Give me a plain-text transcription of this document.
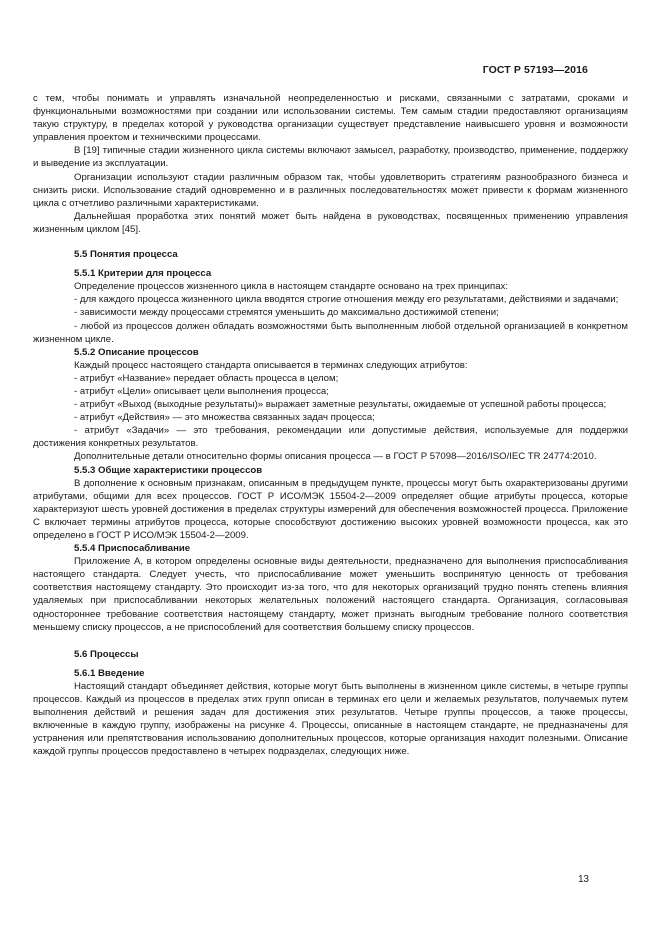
ГОСТ Р 57193—2016

с тем, чтобы понимать и управлять изначальной неопределенностью и рисками, связанными с затратами, сроками и функциональными возможностями при создании или использовании системы. Тем самым стадии предоставляют организациям такую структуру, в пределах которой у руководства организации существует представление наивысшего уровня и возможности управления проектом и техническими процессами.

В [19] типичные стадии жизненного цикла системы включают замысел, разработку, производство, применение, поддержку и выведение из эксплуатации.

Организации используют стадии различным образом так, чтобы удовлетворить стратегиям разнообразного бизнеса и снизить риски. Использование стадий одновременно и в различных последовательностях может привести к формам жизненного цикла с отчетливо различными характеристиками.

Дальнейшая проработка этих понятий может быть найдена в руководствах, посвященных применению управления жизненным циклом [45].

5.5 Понятия процесса

5.5.1 Критерии для процесса

Определение процессов жизненного цикла в настоящем стандарте основано на трех принципах:

- для каждого процесса жизненного цикла вводятся строгие отношения между его результатами, действиями и задачами;

- зависимости между процессами стремятся уменьшить до максимально достижимой степени;

- любой из процессов должен обладать возможностями быть выполненным любой отдельной организацией в конкретном жизненном цикле.

5.5.2 Описание процессов

Каждый процесс настоящего стандарта описывается в терминах следующих атрибутов:

- атрибут «Название» передает область процесса в целом;

- атрибут «Цели» описывает цели выполнения процесса;

- атрибут «Выход (выходные результаты)» выражает заметные результаты, ожидаемые от успешной работы процесса;

- атрибут «Действия» — это множества связанных задач процесса;

- атрибут «Задачи» — это требования, рекомендации или допустимые действия, используемые для поддержки достижения конкретных результатов.

Дополнительные детали относительно формы описания процесса — в ГОСТ Р 57098—2016/ISO/IEC TR 24774:2010.

5.5.3 Общие характеристики процессов

В дополнение к основным признакам, описанным в предыдущем пункте, процессы могут быть охарактеризованы другими атрибутами, общими для всех процессов. ГОСТ Р ИСО/МЭК 15504-2—2009 определяет общие атрибуты процесса, которые характеризуют шесть уровней достижения в пределах структуры измерений для обеспечения возможностей процесса. Приложение С включает термины атрибутов процесса, которые способствуют достижению высоких уровней возможности процесса, как это определено в ГОСТ Р ИСО/МЭК 15504-2—2009.

5.5.4 Приспосабливание

Приложение А, в котором определены основные виды деятельности, предназначено для выполнения приспосабливания настоящего стандарта. Следует учесть, что приспосабливание может уменьшить воспринятую ценность от требования соответствия настоящему стандарту. Это происходит из-за того, что для некоторых организаций трудно понять степень влияния удаляемых при приспосабливании некоторых желательных положений настоящего стандарта. Организация, согласовывая одностороннее требование соответствия настоящему стандарту, может признать выгодным требование полного соответствия меньшему списку процессов, а не приспособлений для соответствия большему списку процессов.

5.6 Процессы

5.6.1 Введение

Настоящий стандарт объединяет действия, которые могут быть выполнены в жизненном цикле системы, в четыре группы процессов. Каждый из процессов в пределах этих групп описан в терминах его цели и желаемых результатов, получаемых путем выполнения действий и решения задач для достижения этих результатов. Четыре группы процессов, а также процессы, включенные в каждую группу, изображены на рисунке 4. Процессы, описанные в настоящем стандарте, не предназначены для устранения или препятствования использованию дополнительных процессов, которые организация находит полезными. Описание каждой группы процессов предоставлено в четырех подразделах, следующих ниже.

13
